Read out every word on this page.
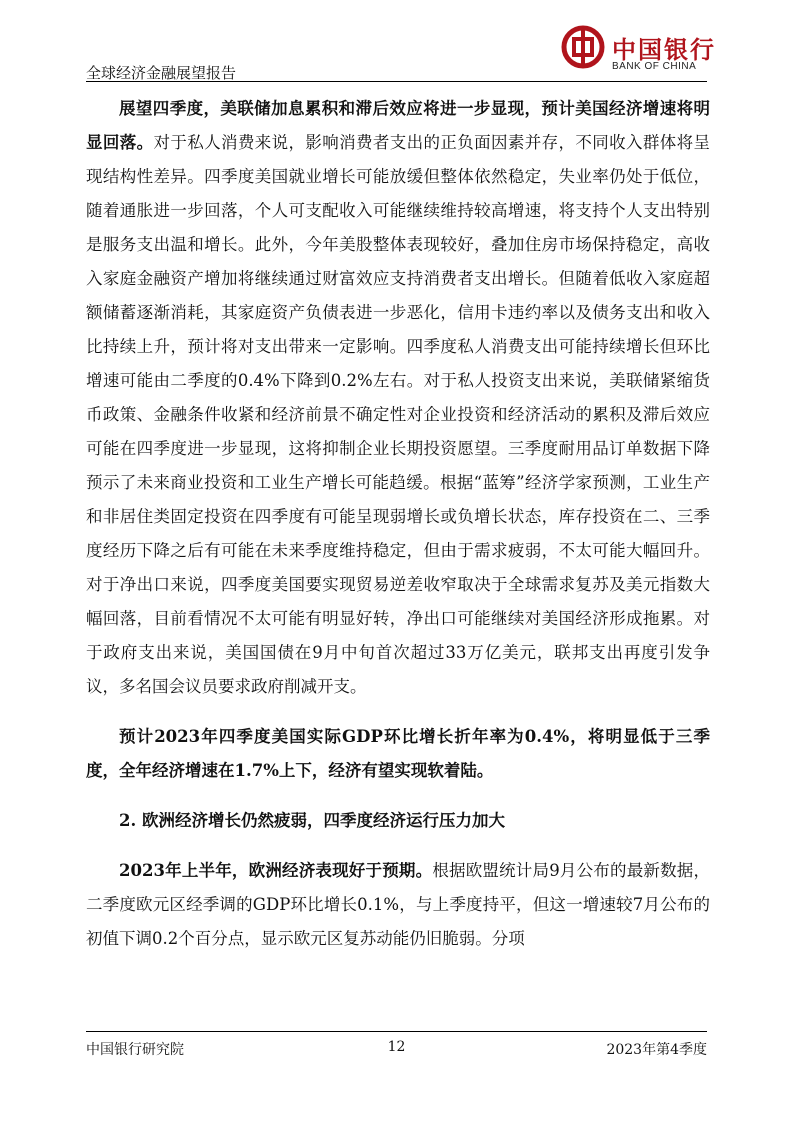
全球经济金融展望报告
中国银行
BANK OF CHINA

展望四季度，美联储加息累积和滞后效应将进一步显现，预计美国经济增速将明显回落。对于私人消费来说，影响消费者支出的正负面因素并存，不同收入群体将呈现结构性差异。四季度美国就业增长可能放缓但整体依然稳定，失业率仍处于低位，随着通胀进一步回落，个人可支配收入可能继续维持较高增速，将支持个人支出特别是服务支出温和增长。此外，今年美股整体表现较好，叠加住房市场保持稳定，高收入家庭金融资产增加将继续通过财富效应支持消费者支出增长。但随着低收入家庭超额储蓄逐渐消耗，其家庭资产负债表进一步恶化，信用卡违约率以及债务支出和收入比持续上升，预计将对支出带来一定影响。四季度私人消费支出可能持续增长但环比增速可能由二季度的0.4%下降到0.2%左右。对于私人投资支出来说，美联储紧缩货币政策、金融条件收紧和经济前景不确定性对企业投资和经济活动的累积及滞后效应可能在四季度进一步显现，这将抑制企业长期投资愿望。三季度耐用品订单数据下降预示了未来商业投资和工业生产增长可能趋缓。根据“蓝筹”经济学家预测，工业生产和非居住类固定投资在四季度有可能呈现弱增长或负增长状态，库存投资在二、三季度经历下降之后有可能在未来季度维持稳定，但由于需求疲弱，不太可能大幅回升。对于净出口来说，四季度美国要实现贸易逆差收窄取决于全球需求复苏及美元指数大幅回落，目前看情况不太可能有明显好转，净出口可能继续对美国经济形成拖累。对于政府支出来说，美国国债在9月中旬首次超过33万亿美元，联邦支出再度引发争议，多名国会议员要求政府削减开支。

预计2023年四季度美国实际GDP环比增长折年率为0.4%，将明显低于三季度，全年经济增速在1.7%上下，经济有望实现软着陆。

2. 欧洲经济增长仍然疲弱，四季度经济运行压力加大

2023年上半年，欧洲经济表现好于预期。根据欧盟统计局9月公布的最新数据，二季度欧元区经季调的GDP环比增长0.1%，与上季度持平，但这一增速较7月公布的初值下调0.2个百分点，显示欧元区复苏动能仍旧脆弱。分项

中国银行研究院	12	2023年第4季度
